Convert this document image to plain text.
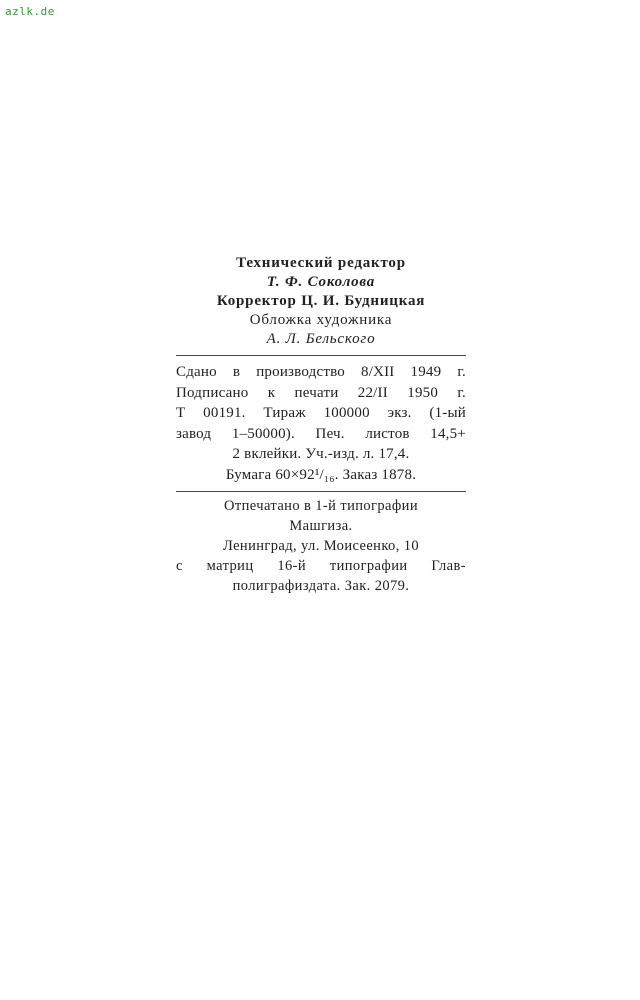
azlk.de
Технический редактор
Т. Ф. Соколова
Корректор Ц. И. Будницкая
Обложка художника
А. Л. Бельского
Сдано в производство 8/XII 1949 г.
Подписано к печати 22/II 1950 г.
Т 00191. Тираж 100000 экз. (1-ый
завод 1–50000). Печ. листов 14,5+
2 вклейки. Уч.-изд. л. 17,4.
Бумага 60×92¹/₁₆. Заказ 1878.
Отпечатано в 1-й типографии
Машгиза.
Ленинград, ул. Моисеенко, 10
с матриц 16-й типографии Глав-
полиграфиздата. Зак. 2079.
